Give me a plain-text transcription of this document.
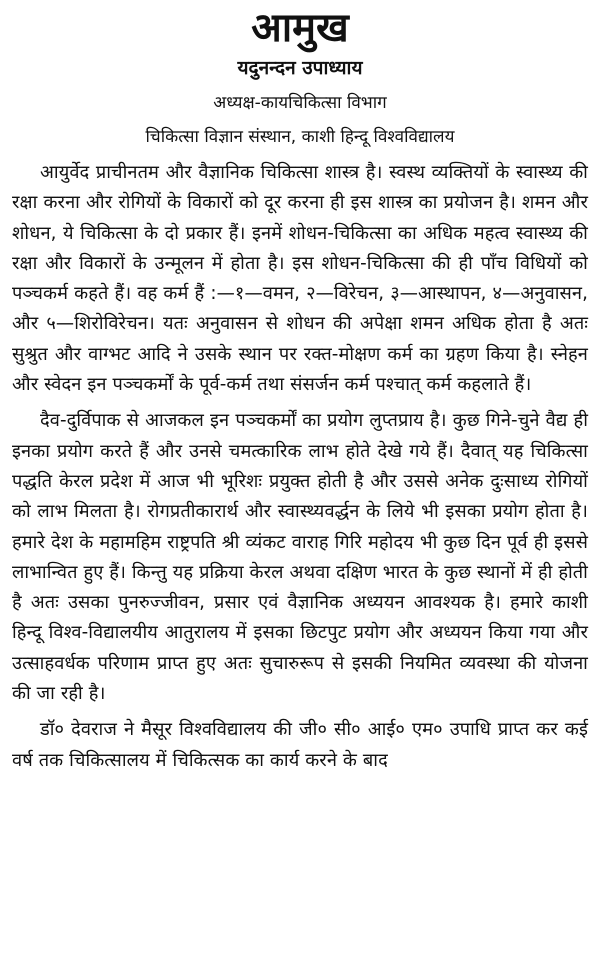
आमुख
यदुनन्दन उपाध्याय
अध्यक्ष-कायचिकित्सा विभाग
चिकित्सा विज्ञान संस्थान, काशी हिन्दू विश्वविद्यालय

आयुर्वेद प्राचीनतम और वैज्ञानिक चिकित्सा शास्त्र है। स्वस्थ व्यक्तियों के स्वास्थ्य की रक्षा करना और रोगियों के विकारों को दूर करना ही इस शास्त्र का प्रयोजन है। शमन और शोधन, ये चिकित्सा के दो प्रकार हैं। इनमें शोधन-चिकित्सा का अधिक महत्व स्वास्थ्य की रक्षा और विकारों के उन्मूलन में होता है। इस शोधन-चिकित्सा की ही पाँच विधियों को पञ्चकर्म कहते हैं। वह कर्म हैं :—१—वमन, २—विरेचन, ३—आस्थापन, ४—अनुवासन, और ५—शिरोविरेचन। यतः अनुवासन से शोधन की अपेक्षा शमन अधिक होता है अतः सुश्रुत और वाग्भट आदि ने उसके स्थान पर रक्त-मोक्षण कर्म का ग्रहण किया है। स्नेहन और स्वेदन इन पञ्चकर्मों के पूर्व-कर्म तथा संसर्जन कर्म पश्चात् कर्म कहलाते हैं।

दैव-दुर्विपाक से आजकल इन पञ्चकर्मों का प्रयोग लुप्तप्राय है। कुछ गिने-चुने वैद्य ही इनका प्रयोग करते हैं और उनसे चमत्कारिक लाभ होते देखे गये हैं। दैवात् यह चिकित्सा पद्धति केरल प्रदेश में आज भी भूरिशः प्रयुक्त होती है और उससे अनेक दुःसाध्य रोगियों को लाभ मिलता है। रोगप्रतीकारार्थ और स्वास्थ्यवर्द्धन के लिये भी इसका प्रयोग होता है। हमारे देश के महामहिम राष्ट्रपति श्री व्यंकट वाराह गिरि महोदय भी कुछ दिन पूर्व ही इससे लाभान्वित हुए हैं। किन्तु यह प्रक्रिया केरल अथवा दक्षिण भारत के कुछ स्थानों में ही होती है अतः उसका पुनरुज्जीवन, प्रसार एवं वैज्ञानिक अध्ययन आवश्यक है। हमारे काशी हिन्दू विश्व-विद्यालयीय आतुरालय में इसका छिटपुट प्रयोग और अध्ययन किया गया और उत्साहवर्धक परिणाम प्राप्त हुए अतः सुचारुरूप से इसकी नियमित व्यवस्था की योजना की जा रही है।

डॉ० देवराज ने मैसूर विश्वविद्यालय की जी० सी० आई० एम० उपाधि प्राप्त कर कई वर्ष तक चिकित्सालय में चिकित्सक का कार्य करने के बाद
